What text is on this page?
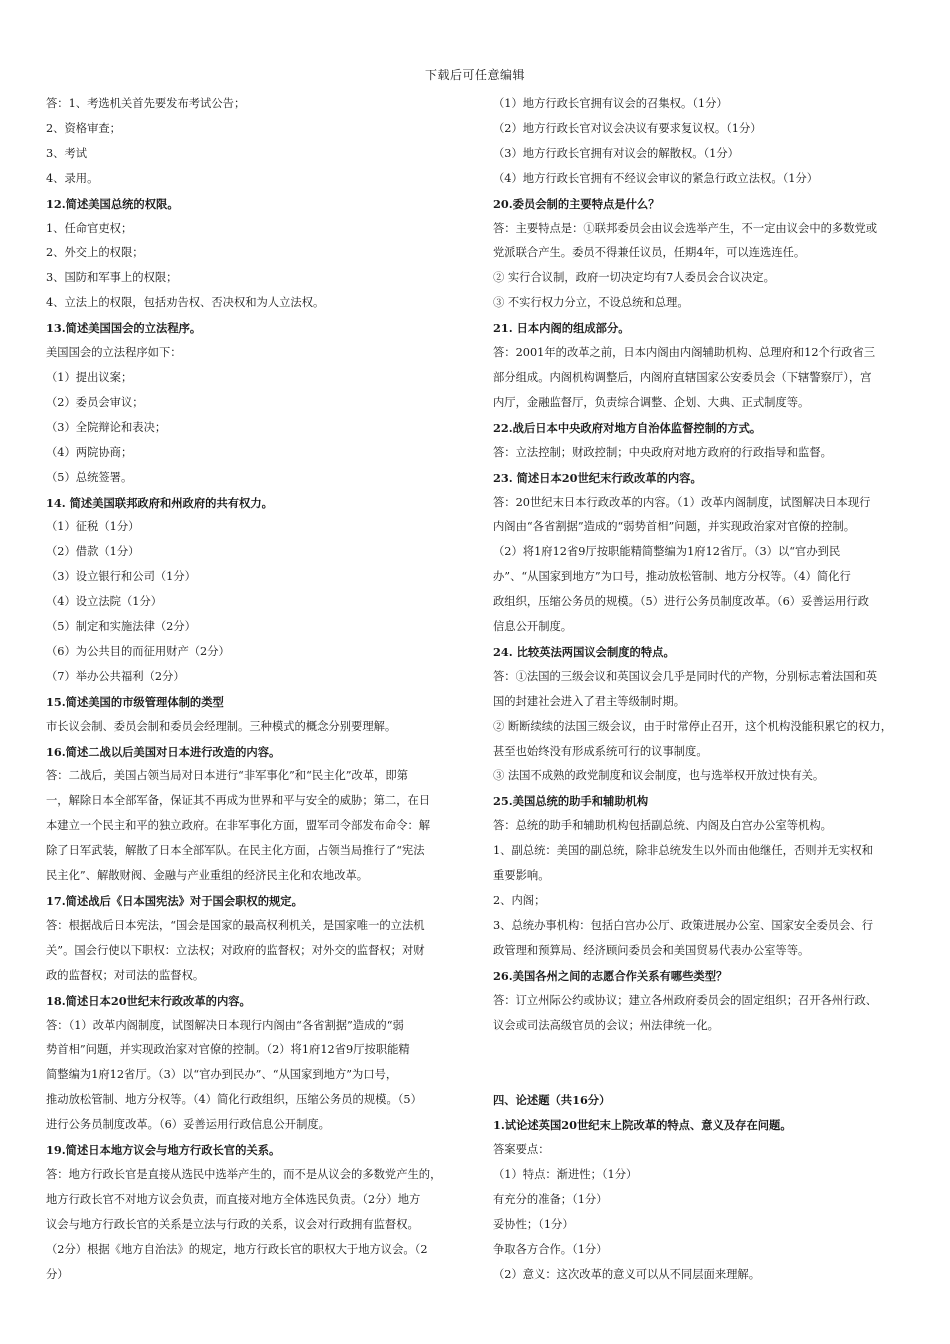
下载后可任意编辑

答：1、考选机关首先要发布考试公告；

2、资格审查；

3、考试

4、录用。

12.简述美国总统的权限。

1、任命官吏权；

2、外交上的权限；

3、国防和军事上的权限；

4、立法上的权限，包括劝告权、否决权和为人立法权。

13.简述美国国会的立法程序。

美国国会的立法程序如下：

（1）提出议案；

（2）委员会审议；

（3）全院辩论和表决；

（4）两院协商；

（5）总统签署。

14. 简述美国联邦政府和州政府的共有权力。

（1）征税（1分）

（2）借款（1分）

（3）设立银行和公司（1分）

（4）设立法院（1分）

（5）制定和实施法律（2分）

（6）为公共目的而征用财产（2分）

（7）举办公共福利（2分）

15.简述美国的市级管理体制的类型

市长议会制、委员会制和委员会经理制。三种模式的概念分别要理解。

16.简述二战以后美国对日本进行改造的内容。

答：二战后，美国占领当局对日本进行“非军事化”和“民主化”改革，即第

一，解除日本全部军备，保证其不再成为世界和平与安全的威胁；第二，在日

本建立一个民主和平的独立政府。在非军事化方面，盟军司令部发布命令：解

除了日军武装，解散了日本全部军队。在民主化方面，占领当局推行了“宪法

民主化”、解散财阀、金融与产业重组的经济民主化和农地改革。

17.简述战后《日本国宪法》对于国会职权的规定。

答：根据战后日本宪法，“国会是国家的最高权利机关，是国家唯一的立法机

关”。国会行使以下职权：立法权；对政府的监督权；对外交的监督权；对财

政的监督权；对司法的监督权。

18.简述日本20世纪末行政改革的内容。

答：（1）改革内阁制度，试图解决日本现行内阁由“各省割据”造成的“弱

势首相”问题，并实现政治家对官僚的控制。（2）将1府12省9厅按职能精

简整编为1府12省厅。（3）以“官办到民办”、“从国家到地方”为口号，

推动放松管制、地方分权等。（4）简化行政组织，压缩公务员的规模。（5）

进行公务员制度改革。（6）妥善运用行政信息公开制度。

19.简述日本地方议会与地方行政长官的关系。

答：地方行政长官是直接从选民中选举产生的，而不是从议会的多数党产生的，

地方行政长官不对地方议会负责，而直接对地方全体选民负责。（2分）地方

议会与地方行政长官的关系是立法与行政的关系，议会对行政拥有监督权。

（2分）根据《地方自治法》的规定，地方行政长官的职权大于地方议会。（2

分）

（1）地方行政长官拥有议会的召集权。（1分）

（2）地方行政长官对议会决议有要求复议权。（1分）

（3）地方行政长官拥有对议会的解散权。（1分）

（4）地方行政长官拥有不经议会审议的紧急行政立法权。（1分）

20.委员会制的主要特点是什么？

答：主要特点是：①联邦委员会由议会选举产生，不一定由议会中的多数党或

党派联合产生。委员不得兼任议员，任期4年，可以连选连任。

② 实行合议制，政府一切决定均有7人委员会合议决定。

③ 不实行权力分立，不设总统和总理。

21. 日本内阁的组成部分。

答：2001年的改革之前，日本内阁由内阁辅助机构、总理府和12个行政省三

部分组成。内阁机构调整后，内阁府直辖国家公安委员会（下辖警察厅），宫

内厅，金融监督厅，负责综合调整、企划、大典、正式制度等。

22.战后日本中央政府对地方自治体监督控制的方式。

答：立法控制；财政控制；中央政府对地方政府的行政指导和监督。

23. 简述日本20世纪末行政改革的内容。

答：20世纪末日本行政改革的内容。（1）改革内阁制度，试图解决日本现行

内阁由“各省割据”造成的“弱势首相”问题，并实现政治家对官僚的控制。

（2）将1府12省9厅按职能精简整编为1府12省厅。（3）以“官办到民

办”、“从国家到地方”为口号，推动放松管制、地方分权等。（4）简化行

政组织，压缩公务员的规模。（5）进行公务员制度改革。（6）妥善运用行政

信息公开制度。

24. 比较英法两国议会制度的特点。

答：①法国的三级会议和英国议会几乎是同时代的产物，分别标志着法国和英

国的封建社会进入了君主等级制时期。

② 断断续续的法国三级会议，由于时常停止召开，这个机构没能积累它的权力，

甚至也始终没有形成系统可行的议事制度。

③ 法国不成熟的政党制度和议会制度，也与选举权开放过快有关。

25.美国总统的助手和辅助机构

答：总统的助手和辅助机构包括副总统、内阁及白宫办公室等机构。

1、副总统：美国的副总统，除非总统发生以外而由他继任，否则并无实权和

重要影响。

2、内阁；

3、总统办事机构：包括白宫办公厅、政策进展办公室、国家安全委员会、行

政管理和预算局、经济顾问委员会和美国贸易代表办公室等等。

26.美国各州之间的志愿合作关系有哪些类型？

答：订立州际公约或协议；建立各州政府委员会的固定组织；召开各州行政、

议会或司法高级官员的会议；州法律统一化。

四、论述题（共16分）

1.试论述英国20世纪末上院改革的特点、意义及存在问题。

答案要点：

（1）特点：渐进性；（1分）

有充分的准备；（1分）

妥协性；（1分）

争取各方合作。（1分）

（2）意义：这次改革的意义可以从不同层面来理解。
